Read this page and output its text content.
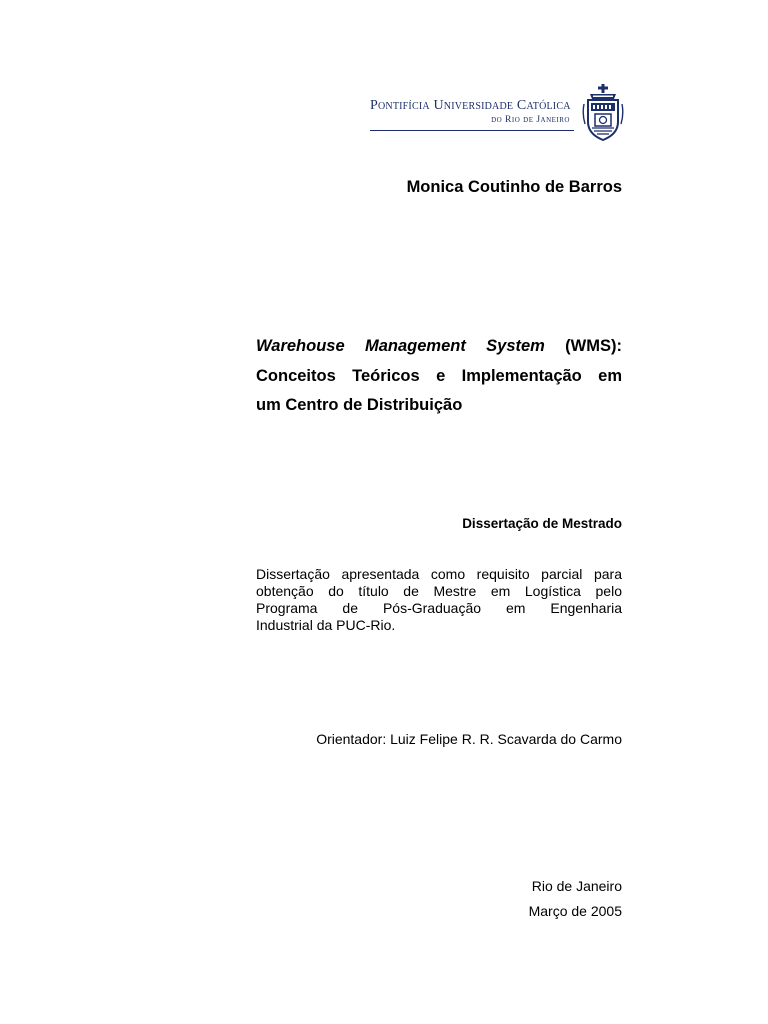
Pontifícia Universidade Católica
do Rio de Janeiro
Monica Coutinho de Barros
Warehouse Management System (WMS):
Conceitos Teóricos e Implementação em
um Centro de Distribuição
Dissertação de Mestrado
Dissertação apresentada como requisito parcial para
obtenção do título de Mestre em Logística pelo
Programa de Pós-Graduação em Engenharia
Industrial da PUC-Rio.
Orientador: Luiz Felipe R. R. Scavarda do Carmo
Rio de Janeiro
Março de 2005
